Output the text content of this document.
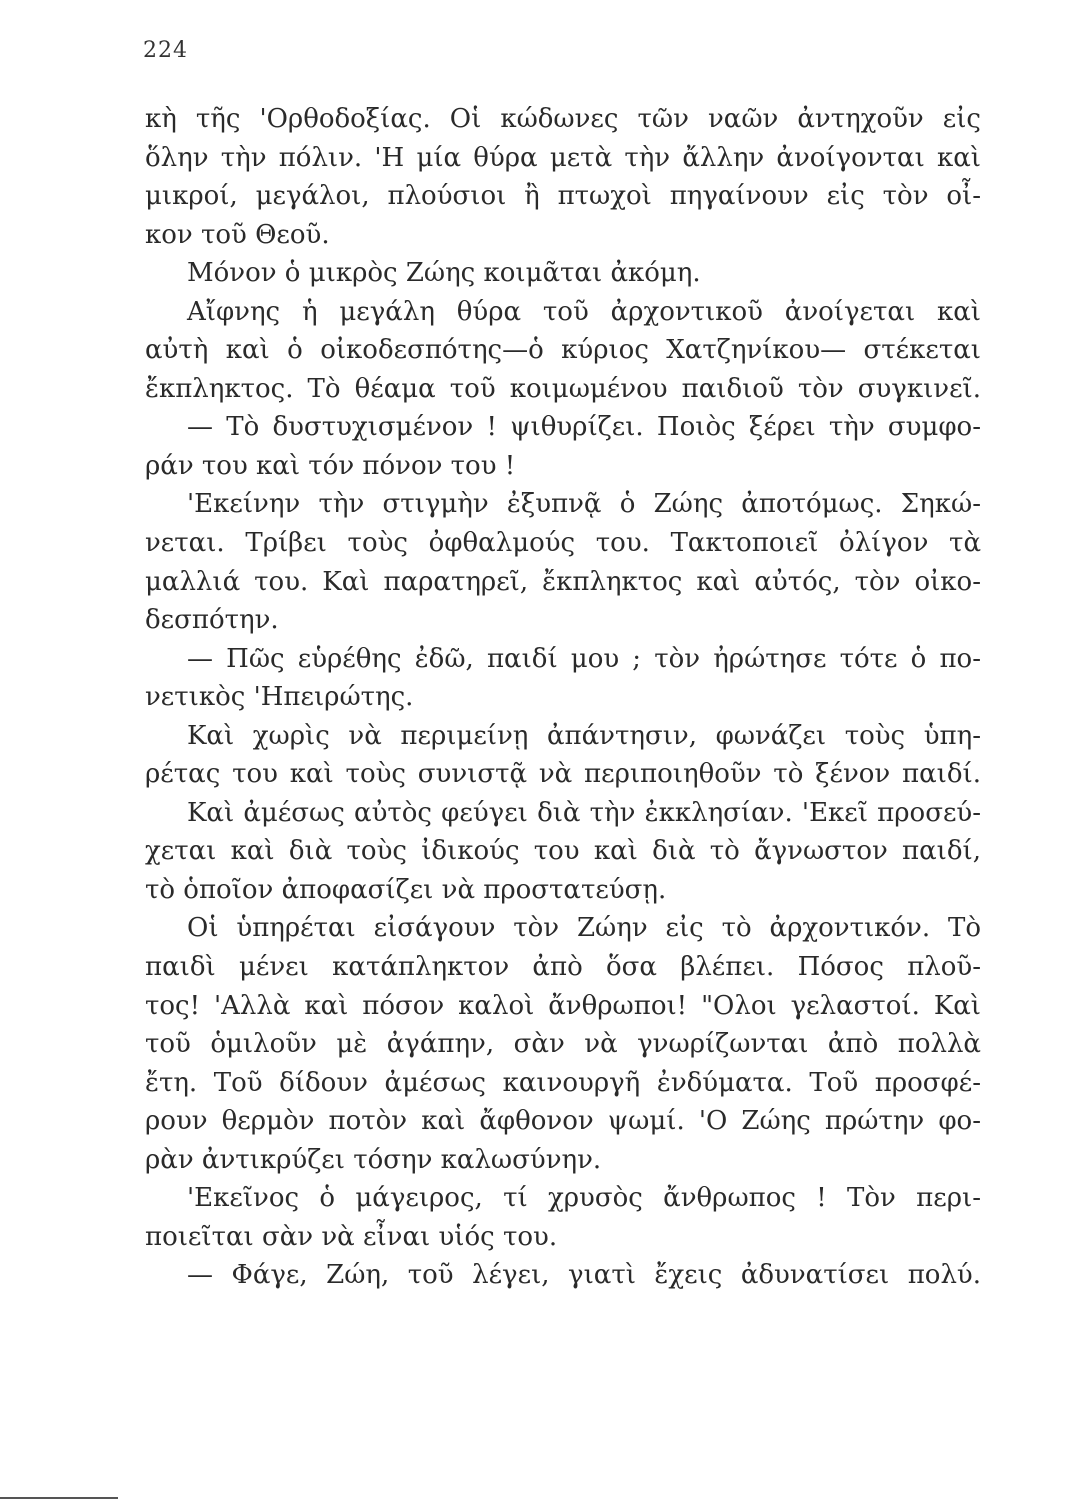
224
κὴ τῆς 'Ορθοδοξίας. Οἱ κώδωνες τῶν ναῶν ἀντηχοῦν εἰς
ὅλην τὴν πόλιν. 'Η μία θύρα μετὰ τὴν ἄλλην ἀνοίγονται καὶ
μικροί, μεγάλοι, πλούσιοι ἢ πτωχοὶ πηγαίνουν εἰς τὸν οἶ-
κον τοῦ Θεοῦ.
Μόνον ὁ μικρὸς Ζώης κοιμᾶται ἀκόμη.
Αἴφνης ἡ μεγάλη θύρα τοῦ ἀρχοντικοῦ ἀνοίγεται καὶ
αὐτὴ καὶ ὁ οἰκοδεσπότης—ὁ κύριος Χατζηνίκου— στέκεται
ἔκπληκτος. Τὸ θέαμα τοῦ κοιμωμένου παιδιοῦ τὸν συγκινεῖ.
— Τὸ δυστυχισμένον ! ψιθυρίζει. Ποιὸς ξέρει τὴν συμφο-
ράν του καὶ τόν πόνον του !
'Εκείνην τὴν στιγμὴν ἐξυπνᾷ ὁ Ζώης ἀποτόμως. Σηκώ-
νεται. Τρίβει τοὺς ὀφθαλμούς του. Τακτοποιεῖ ὀλίγον τὰ
μαλλιά του. Καὶ παρατηρεῖ, ἔκπληκτος καὶ αὐτός, τὸν οἰκο-
δεσπότην.
— Πῶς εὑρέθης ἐδῶ, παιδί μου ; τὸν ἠρώτησε τότε ὁ πο-
νετικὸς 'Ηπειρώτης.
Καὶ χωρὶς νὰ περιμείνῃ ἀπάντησιν, φωνάζει τοὺς ὑπη-
ρέτας του καὶ τοὺς συνιστᾷ νὰ περιποιηθοῦν τὸ ξένον παιδί.
Καὶ ἀμέσως αὐτὸς φεύγει διὰ τὴν ἐκκλησίαν. 'Εκεῖ προσεύ-
χεται καὶ διὰ τοὺς ἰδικούς του καὶ διὰ τὸ ἄγνωστον παιδί,
τὸ ὁποῖον ἀποφασίζει νὰ προστατεύσῃ.
Οἱ ὑπηρέται εἰσάγουν τὸν Ζώην εἰς τὸ ἀρχοντικόν. Τὸ
παιδὶ μένει κατάπληκτον ἀπὸ ὅσα βλέπει. Πόσος πλοῦ-
τος! 'Αλλὰ καὶ πόσον καλοὶ ἄνθρωποι! "Ολοι γελαστοί. Καὶ
τοῦ ὁμιλοῦν μὲ ἀγάπην, σὰν νὰ γνωρίζωνται ἀπὸ πολλὰ
ἔτη. Τοῦ δίδουν ἀμέσως καινουργῆ ἐνδύματα. Τοῦ προσφέ-
ρουν θερμὸν ποτὸν καὶ ἄφθονον ψωμί. 'Ο Ζώης πρώτην φο-
ρὰν ἀντικρύζει τόσην καλωσύνην.
'Εκεῖνος ὁ μάγειρος, τί χρυσὸς ἄνθρωπος ! Τὸν περι-
ποιεῖται σὰν νὰ εἶναι υἱός του.
— Φάγε, Ζώη, τοῦ λέγει, γιατὶ ἔχεις ἀδυνατίσει πολύ.
